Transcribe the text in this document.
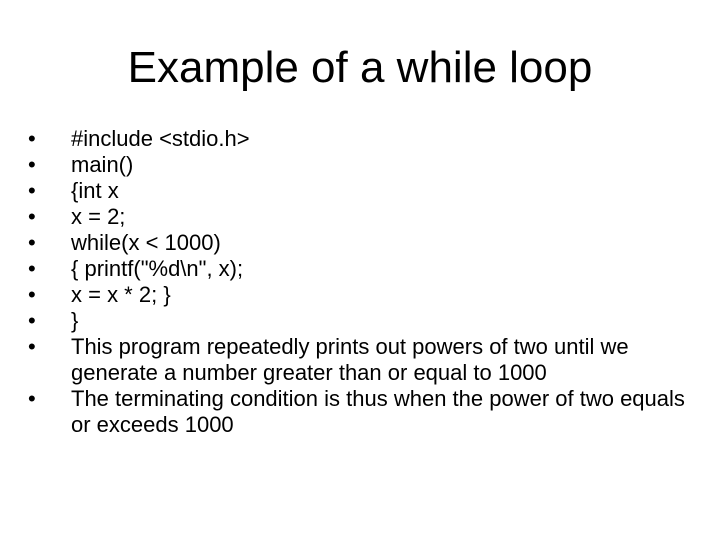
Example of a while loop
•	#include <stdio.h>
•	main()
•	{int x
•	x = 2;
•	while(x < 1000)
•	{ printf("%d\n", x);
•	x = x * 2; }
•	}
•	This program repeatedly prints out powers of two until we generate a number greater than or equal to 1000
•	The terminating condition is thus when the power of two equals or exceeds 1000
